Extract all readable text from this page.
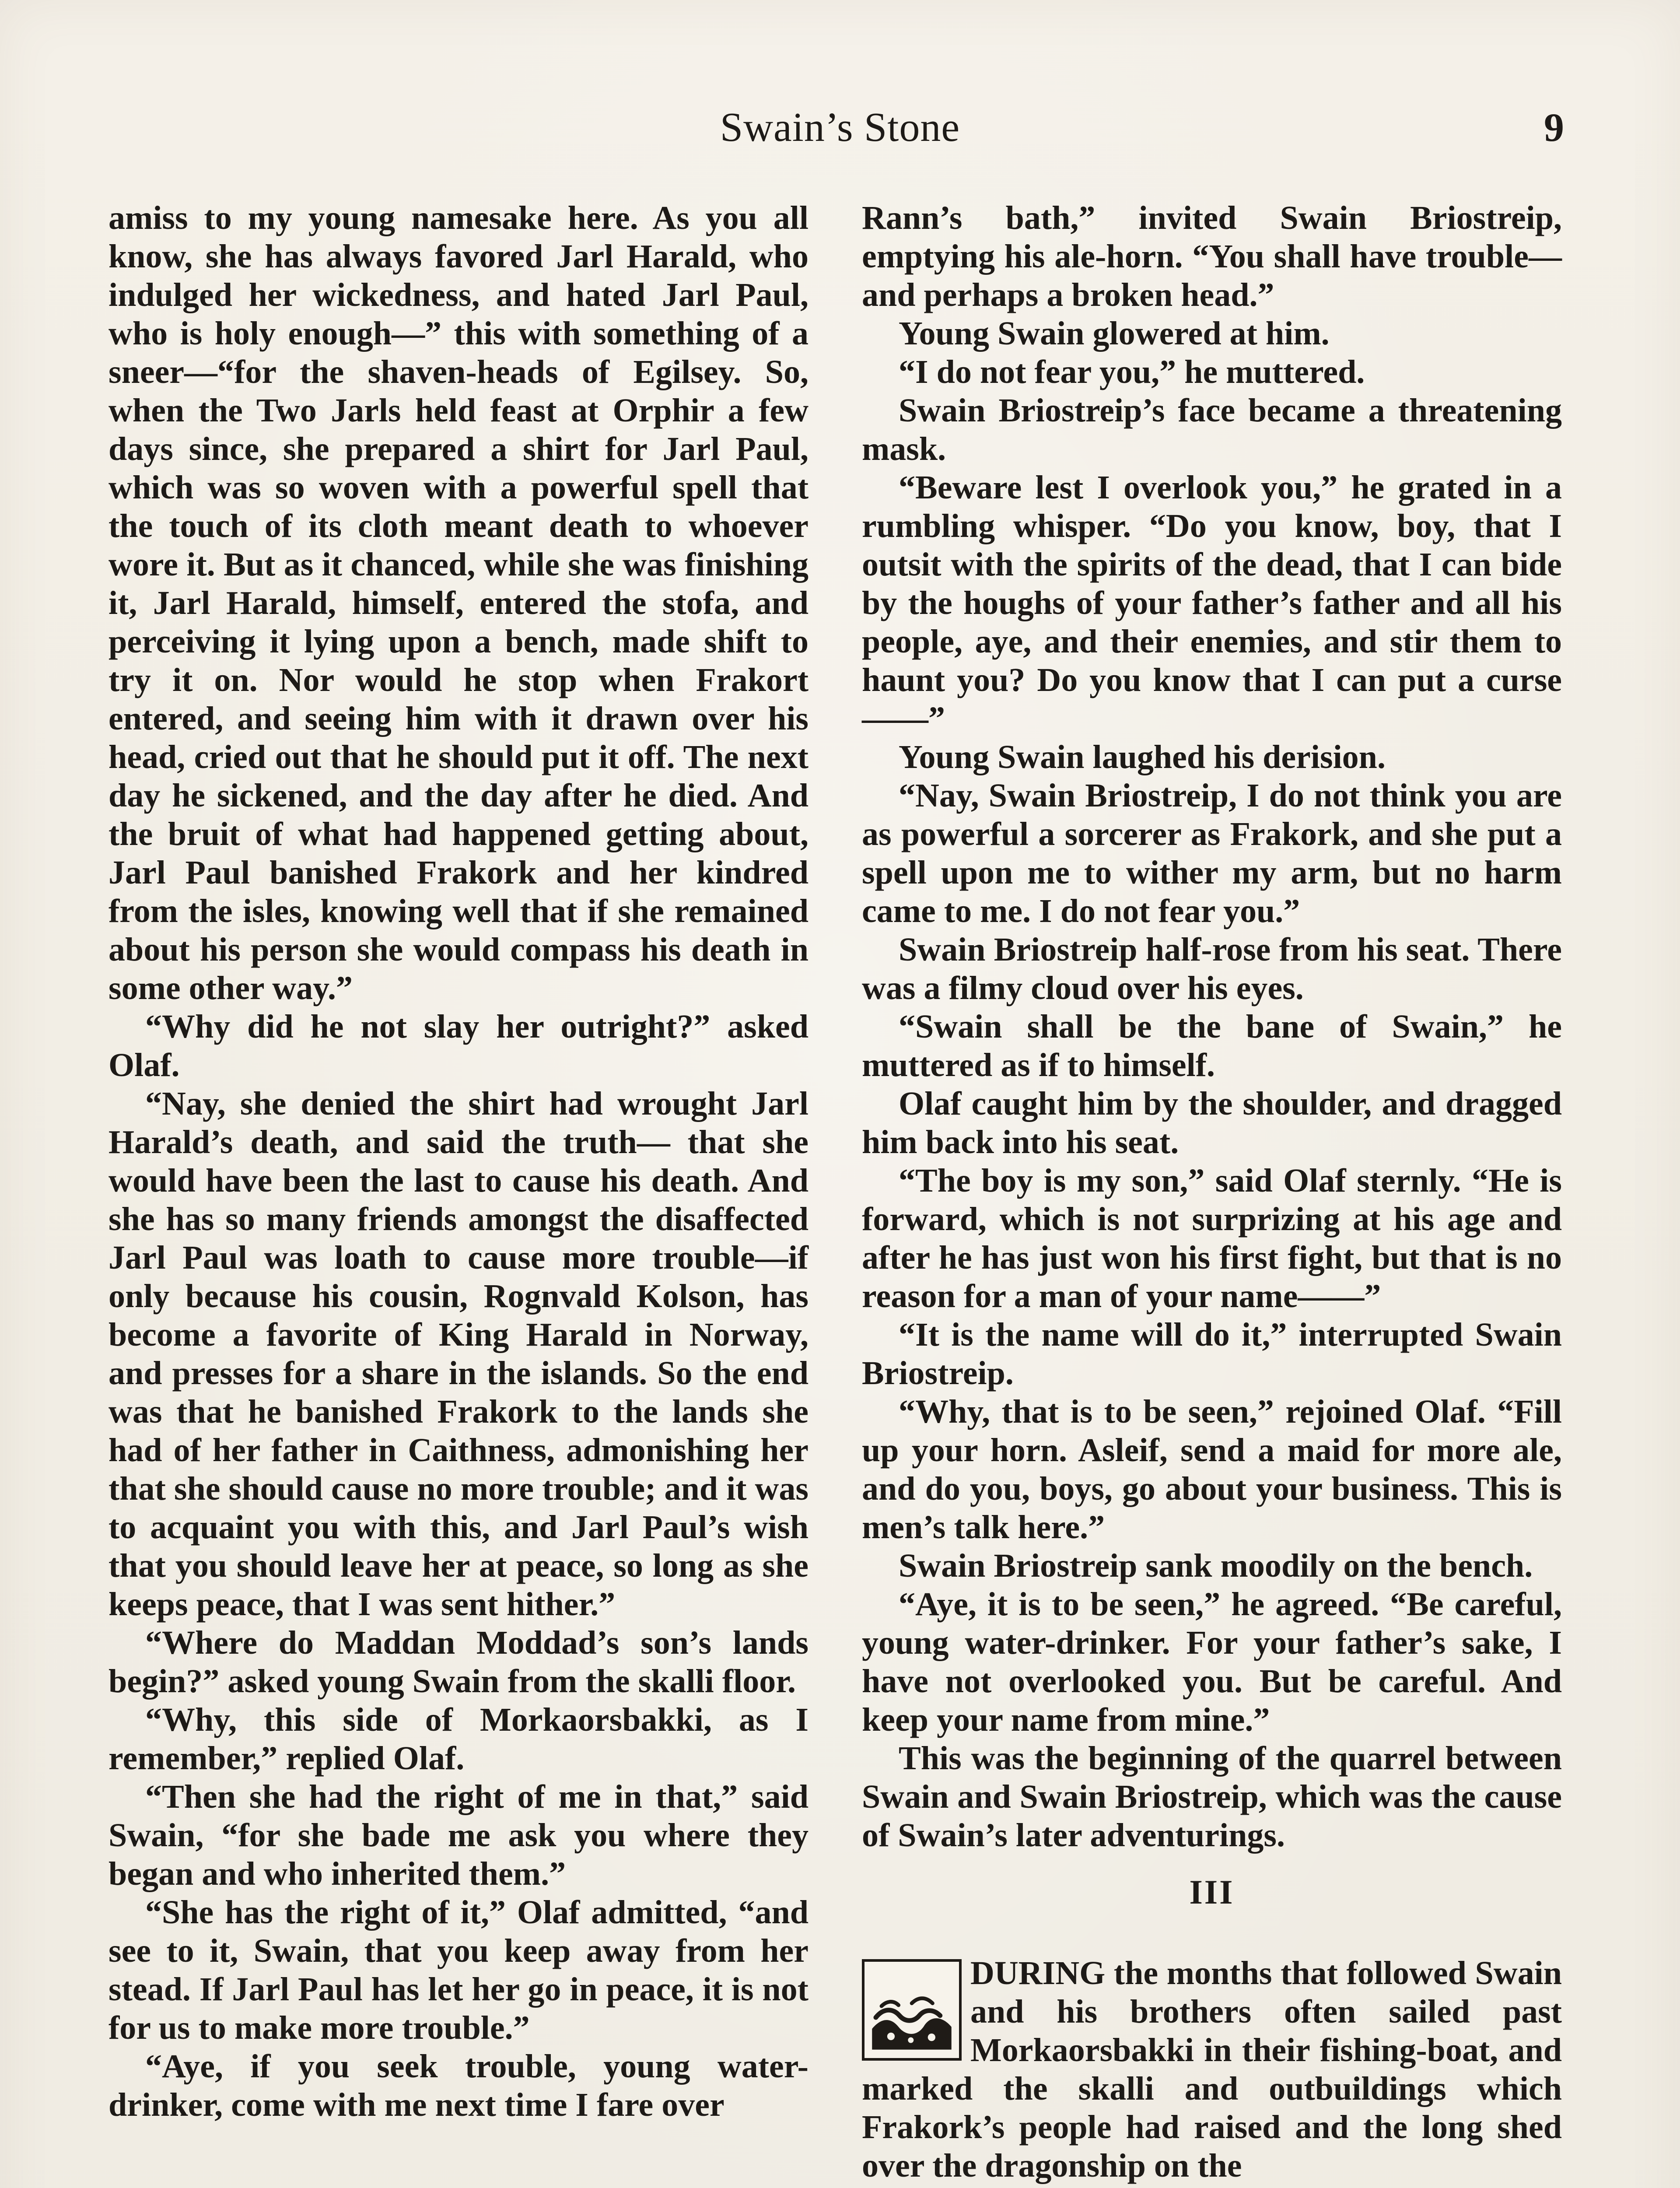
Swain’s Stone	9

amiss to my young namesake here. As you all know, she has always favored Jarl Harald, who indulged her wickedness, and hated Jarl Paul, who is holy enough—” this with something of a sneer—“for the shaven-heads of Egilsey. So, when the Two Jarls held feast at Orphir a few days since, she prepared a shirt for Jarl Paul, which was so woven with a powerful spell that the touch of its cloth meant death to whoever wore it. But as it chanced, while she was finishing it, Jarl Harald, himself, entered the stofa, and perceiving it lying upon a bench, made shift to try it on. Nor would he stop when Frakort entered, and seeing him with it drawn over his head, cried out that he should put it off. The next day he sickened, and the day after he died. And the bruit of what had happened getting about, Jarl Paul banished Frakork and her kindred from the isles, knowing well that if she remained about his person she would compass his death in some other way.”

“Why did he not slay her outright?” asked Olaf.

“Nay, she denied the shirt had wrought Jarl Harald’s death, and said the truth— that she would have been the last to cause his death. And she has so many friends amongst the disaffected Jarl Paul was loath to cause more trouble—if only because his cousin, Rognvald Kolson, has become a favorite of King Harald in Norway, and presses for a share in the islands. So the end was that he banished Frakork to the lands she had of her father in Caithness, admonishing her that she should cause no more trouble; and it was to acquaint you with this, and Jarl Paul’s wish that you should leave her at peace, so long as she keeps peace, that I was sent hither.”

“Where do Maddan Moddad’s son’s lands begin?” asked young Swain from the skalli floor.

“Why, this side of Morkaorsbakki, as I remember,” replied Olaf.

“Then she had the right of me in that,” said Swain, “for she bade me ask you where they began and who inherited them.”

“She has the right of it,” Olaf admitted, “and see to it, Swain, that you keep away from her stead. If Jarl Paul has let her go in peace, it is not for us to make more trouble.”

“Aye, if you seek trouble, young water-drinker, come with me next time I fare over

Rann’s bath,” invited Swain Briostreip, emptying his ale-horn. “You shall have trouble—and perhaps a broken head.”

Young Swain glowered at him.

“I do not fear you,” he muttered.

Swain Briostreip’s face became a threatening mask.

“Beware lest I overlook you,” he grated in a rumbling whisper. “Do you know, boy, that I outsit with the spirits of the dead, that I can bide by the houghs of your father’s father and all his people, aye, and their enemies, and stir them to haunt you? Do you know that I can put a curse——”

Young Swain laughed his derision.

“Nay, Swain Briostreip, I do not think you are as powerful a sorcerer as Frakork, and she put a spell upon me to wither my arm, but no harm came to me. I do not fear you.”

Swain Briostreip half-rose from his seat. There was a filmy cloud over his eyes.

“Swain shall be the bane of Swain,” he muttered as if to himself.

Olaf caught him by the shoulder, and dragged him back into his seat.

“The boy is my son,” said Olaf sternly. “He is forward, which is not surprizing at his age and after he has just won his first fight, but that is no reason for a man of your name——”

“It is the name will do it,” interrupted Swain Briostreip.

“Why, that is to be seen,” rejoined Olaf. “Fill up your horn. Asleif, send a maid for more ale, and do you, boys, go about your business. This is men’s talk here.”

Swain Briostreip sank moodily on the bench.

“Aye, it is to be seen,” he agreed. “Be careful, young water-drinker. For your father’s sake, I have not overlooked you. But be careful. And keep your name from mine.”

This was the beginning of the quarrel between Swain and Swain Briostreip, which was the cause of Swain’s later adventurings.

III

DURING the months that followed Swain and his brothers often sailed past Morkaorsbakki in their fishing-boat, and marked the skalli and outbuildings which Frakork’s people had raised and the long shed over the dragonship on the
